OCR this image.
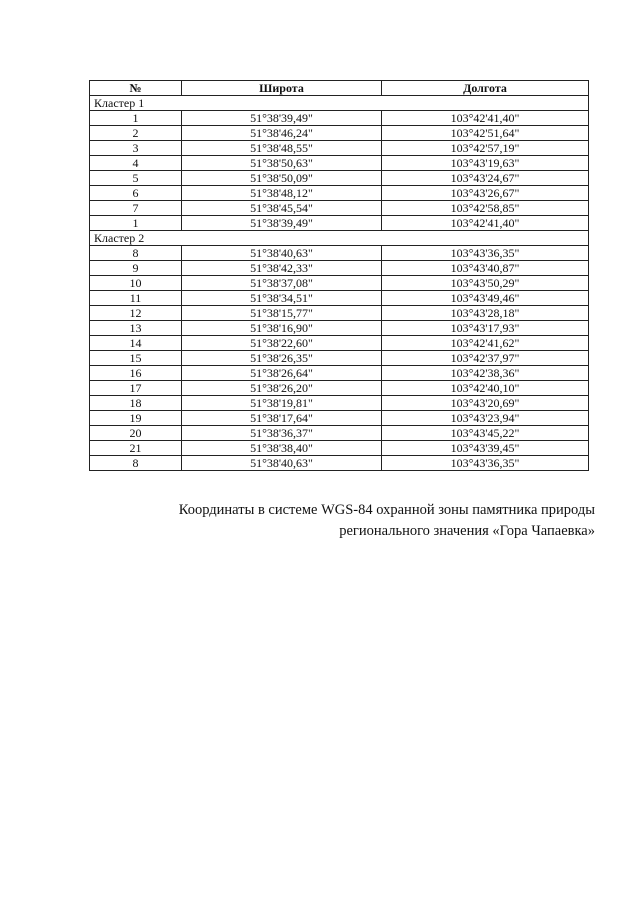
№	Широта	Долгота
Кластер 1		
1	51°38'39,49"	103°42'41,40"
2	51°38'46,24"	103°42'51,64"
3	51°38'48,55"	103°42'57,19"
4	51°38'50,63"	103°43'19,63"
5	51°38'50,09"	103°43'24,67"
6	51°38'48,12"	103°43'26,67"
7	51°38'45,54"	103°42'58,85"
1	51°38'39,49"	103°42'41,40"
Кластер 2		
8	51°38'40,63"	103°43'36,35"
9	51°38'42,33"	103°43'40,87"
10	51°38'37,08"	103°43'50,29"
11	51°38'34,51"	103°43'49,46"
12	51°38'15,77"	103°43'28,18"
13	51°38'16,90"	103°43'17,93"
14	51°38'22,60"	103°42'41,62"
15	51°38'26,35"	103°42'37,97"
16	51°38'26,64"	103°42'38,36"
17	51°38'26,20"	103°42'40,10"
18	51°38'19,81"	103°43'20,69"
19	51°38'17,64"	103°43'23,94"
20	51°38'36,37"	103°43'45,22"
21	51°38'38,40"	103°43'39,45"
8	51°38'40,63"	103°43'36,35"
Координаты в системе WGS-84 охранной зоны памятника природы
регионального значения «Гора Чапаевка»
